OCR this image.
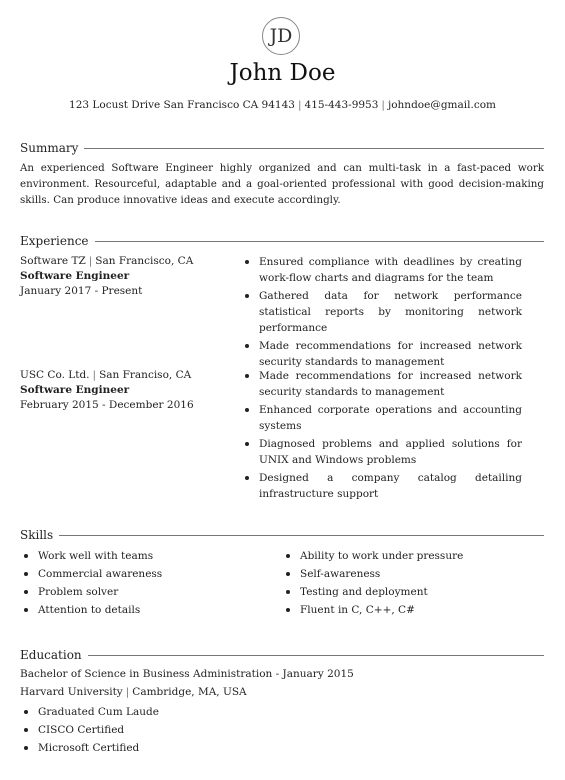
JD
John Doe
123 Locust Drive San Francisco CA 94143 | 415-443-9953 | johndoe@gmail.com
Summary
An experienced Software Engineer highly organized and can multi-task in a fast-paced work environment. Resourceful, adaptable and a goal-oriented professional with good decision-making skills. Can produce innovative ideas and execute accordingly.
Experience
Software TZ | San Francisco, CA
Software Engineer
January 2017 - Present
Ensured compliance with deadlines by creating work-flow charts and diagrams for the team
Gathered data for network performance statistical reports by monitoring network performance
Made recommendations for increased network security standards to management
USC Co. Ltd. | San Franciso, CA
Software Engineer
February 2015 - December 2016
Made recommendations for increased network security standards to management
Enhanced corporate operations and accounting systems
Diagnosed problems and applied solutions for UNIX and Windows problems
Designed a company catalog detailing infrastructure support
Skills
Work well with teams
Commercial awareness
Problem solver
Attention to details
Ability to work under pressure
Self-awareness
Testing and deployment
Fluent in C, C++, C#
Education
Bachelor of Science in Business Administration - January 2015
Harvard University | Cambridge, MA, USA
Graduated Cum Laude
CISCO Certified
Microsoft Certified
